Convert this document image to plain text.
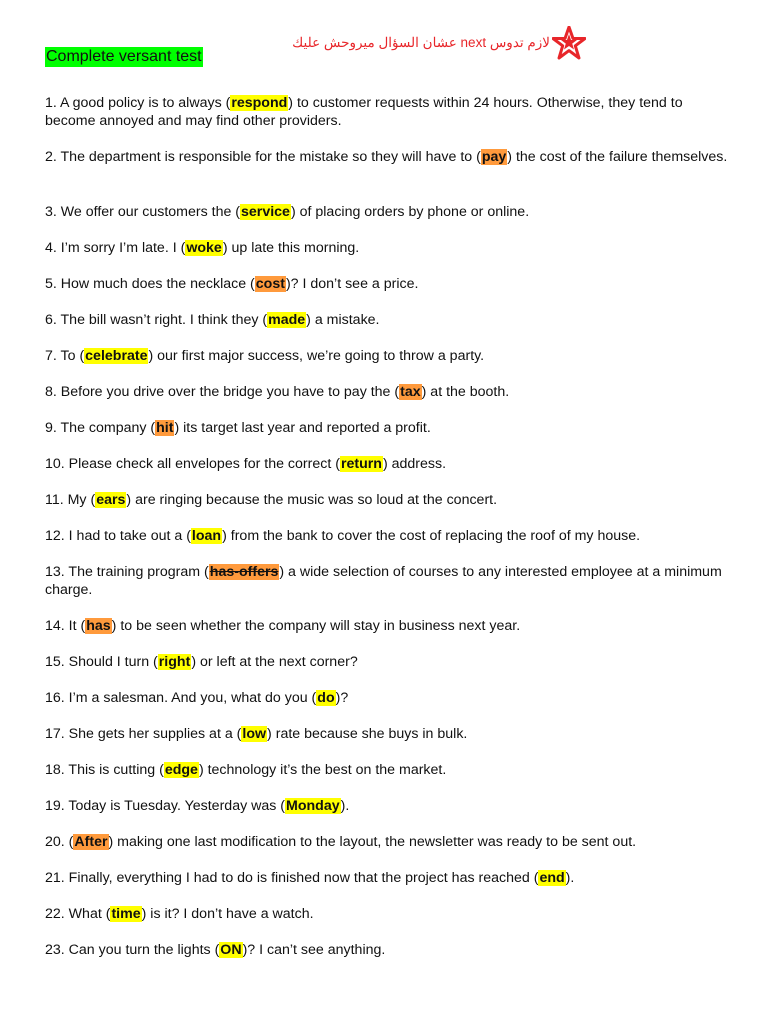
Complete versant test
لازم تدوس next عشان السؤال ميروحش عليك
1. A good policy is to always (respond) to customer requests within 24 hours. Otherwise, they tend to become annoyed and may find other providers.
2. The department is responsible for the mistake so they will have to (pay) the cost of the failure themselves.
3. We offer our customers the (service) of placing orders by phone or online.
4. I’m sorry I’m late. I (woke) up late this morning.
5. How much does the necklace (cost)? I don’t see a price.
6. The bill wasn’t right. I think they (made) a mistake.
7. To (celebrate) our first major success, we’re going to throw a party.
8. Before you drive over the bridge you have to pay the (tax) at the booth.
9. The company (hit) its target last year and reported a profit.
10. Please check all envelopes for the correct (return) address.
11. My (ears) are ringing because the music was so loud at the concert.
12. I had to take out a (loan) from the bank to cover the cost of replacing the roof of my house.
13. The training program (has-offers) a wide selection of courses to any interested employee at a minimum charge.
14. It (has) to be seen whether the company will stay in business next year.
15. Should I turn (right) or left at the next corner?
16. I’m a salesman. And you, what do you (do)?
17. She gets her supplies at a (low) rate because she buys in bulk.
18. This is cutting (edge) technology it’s the best on the market.
19. Today is Tuesday. Yesterday was (Monday).
20. (After) making one last modification to the layout, the newsletter was ready to be sent out.
21. Finally, everything I had to do is finished now that the project has reached (end).
22. What (time) is it? I don’t have a watch.
23. Can you turn the lights (ON)? I can’t see anything.
